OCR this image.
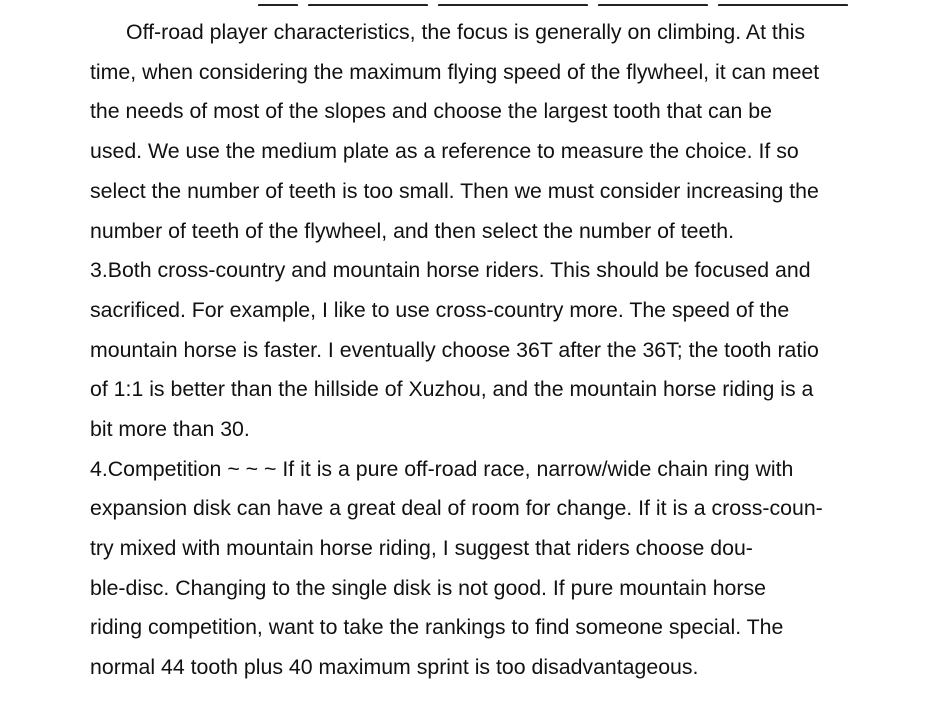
Off-road player characteristics, the focus is generally on climbing. At this

time, when considering the maximum flying speed of the flywheel, it can meet

the needs of most of the slopes and choose the largest tooth that can be

used. We use the medium plate as a reference to measure the choice. If so

select the number of teeth is too small. Then we must consider increasing the

number of teeth of the flywheel, and then select the number of teeth.

3.Both cross-country and mountain horse riders. This should be focused and

sacrificed. For example, I like to use cross-country more. The speed of the

mountain horse is faster. I eventually choose 36T after the 36T; the tooth ratio

of 1:1 is better than the hillside of Xuzhou, and the mountain horse riding is a

bit more than 30.

4.Competition ~ ~ ~ If it is a pure off-road race, narrow/wide chain ring with

expansion disk can have a great deal of room for change. If it is a cross-coun-

try mixed with mountain horse riding, I suggest that riders choose dou-

ble-disc. Changing to the single disk is not good. If pure mountain horse

riding competition, want to take the rankings to find someone special. The

normal 44 tooth plus 40 maximum sprint is too disadvantageous.
